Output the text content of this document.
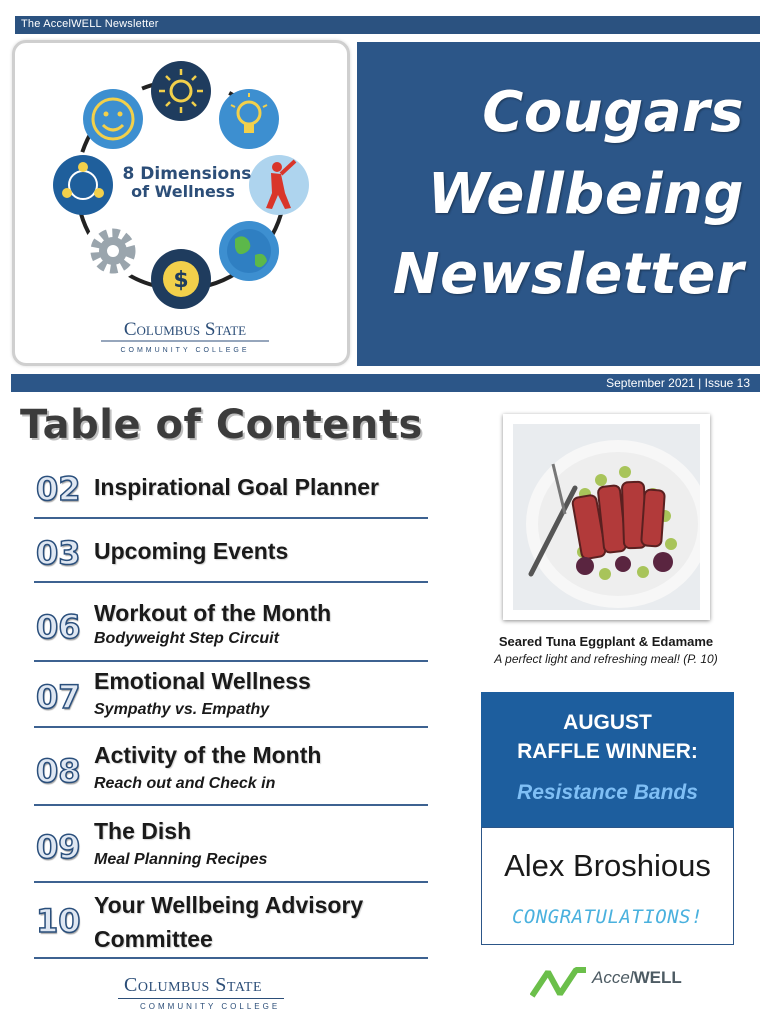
The AccelWELL Newsletter
$
8 Dimensions
of Wellness
Columbus State
COMMUNITY COLLEGE
Cougars
Wellbeing
Newsletter
September 2021 | Issue 13
Table of Contents
02 Inspirational Goal Planner
03 Upcoming Events
06 Workout of the Month
Bodyweight Step Circuit
07 Emotional Wellness
Sympathy vs. Empathy
08 Activity of the Month
Reach out and Check in
09 The Dish
Meal Planning Recipes
10 Your Wellbeing Advisory
Committee
Seared Tuna Eggplant & Edamame
A perfect light and refreshing meal! (P. 10)
AUGUST
RAFFLE WINNER:
Resistance Bands
Alex Broshious
CONGRATULATIONS!
Columbus State
COMMUNITY COLLEGE
AccelWELL
